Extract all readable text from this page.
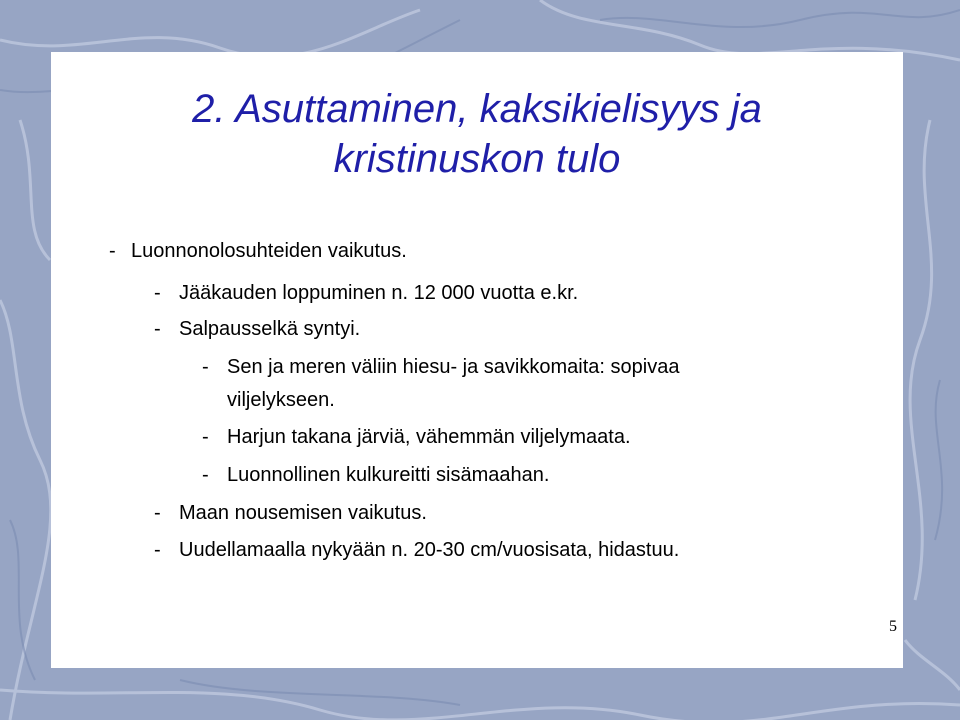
2. Asuttaminen, kaksikielisyys ja
kristinuskon tulo
- Luonnonolosuhteiden vaikutus.
- Jääkauden loppuminen n. 12 000 vuotta e.kr.
- Salpausselkä syntyi.
- Sen ja meren väliin hiesu- ja savikkomaita: sopivaa
viljelykseen.
- Harjun takana järviä, vähemmän viljelymaata.
- Luonnollinen kulkureitti sisämaahan.
- Maan nousemisen vaikutus.
- Uudellamaalla nykyään n. 20-30 cm/vuosisata, hidastuu.
5
